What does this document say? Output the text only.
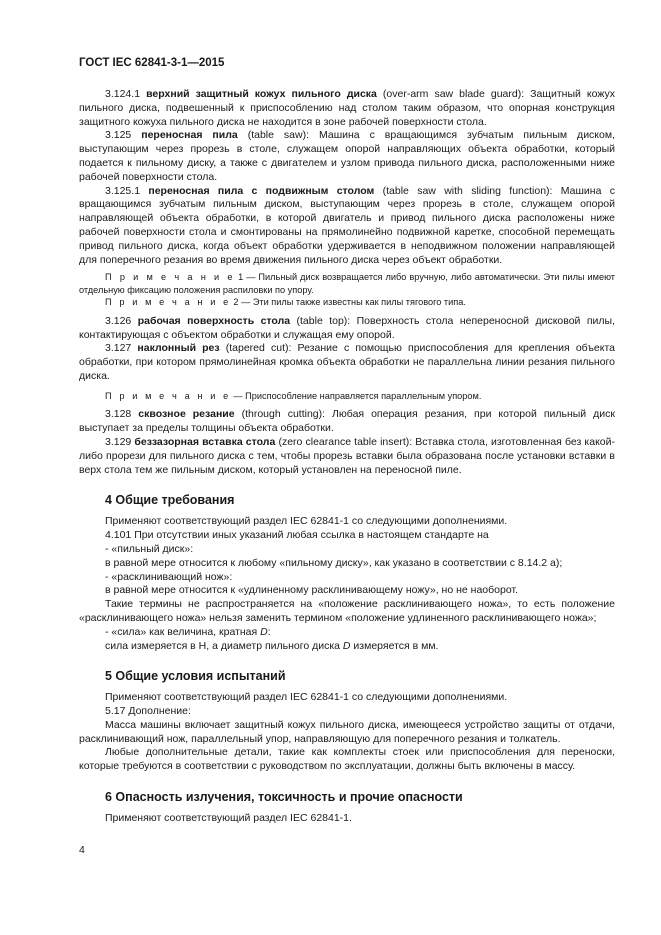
ГОСТ IEC 62841-3-1—2015

3.124.1 верхний защитный кожух пильного диска (over-arm saw blade guard): Защитный кожух пильного диска, подвешенный к приспособлению над столом таким образом, что опорная конструкция защитного кожуха пильного диска не находится в зоне рабочей поверхности стола.

3.125 переносная пила (table saw): Машина с вращающимся зубчатым пильным диском, выступающим через прорезь в столе, служащем опорой направляющих объекта обработки, который подается к пильному диску, а также с двигателем и узлом привода пильного диска, расположенными ниже рабочей поверхности стола.

3.125.1 переносная пила с подвижным столом (table saw with sliding function): Машина с вращающимся зубчатым пильным диском, выступающим через прорезь в столе, служащем опорой направляющей объекта обработки, в которой двигатель и привод пильного диска расположены ниже рабочей поверхности стола и смонтированы на прямолинейно подвижной каретке, способной перемещать привод пильного диска, когда объект обработки удерживается в неподвижном положении направляющей для поперечного резания во время движения пильного диска через объект обработки.

П р и м е ч а н и е 1 — Пильный диск возвращается либо вручную, либо автоматически. Эти пилы имеют отдельную фиксацию положения распиловки по упору.

П р и м е ч а н и е 2 — Эти пилы также известны как пилы тягового типа.

3.126 рабочая поверхность стола (table top): Поверхность стола непереносной дисковой пилы, контактирующая с объектом обработки и служащая ему опорой.

3.127 наклонный рез (tapered cut): Резание с помощью приспособления для крепления объекта обработки, при котором прямолинейная кромка объекта обработки не параллельна линии резания пильного диска.

П р и м е ч а н и е — Приспособление направляется параллельным упором.

3.128 сквозное резание (through cutting): Любая операция резания, при которой пильный диск выступает за пределы толщины объекта обработки.

3.129 беззазорная вставка стола (zero clearance table insert): Вставка стола, изготовленная без какой-либо прорези для пильного диска с тем, чтобы прорезь вставки была образована после установки вставки в верх стола тем же пильным диском, который установлен на переносной пиле.

4 Общие требования

Применяют соответствующий раздел IEC 62841-1 со следующими дополнениями.

4.101 При отсутствии иных указаний любая ссылка в настоящем стандарте на

- «пильный диск»:

в равной мере относится к любому «пильному диску», как указано в соответствии с 8.14.2 a);

- «расклинивающий нож»:

в равной мере относится к «удлиненному расклинивающему ножу», но не наоборот.

Такие термины не распространяется на «положение расклинивающего ножа», то есть положение «расклинивающего ножа» нельзя заменить термином «положение удлиненного расклинивающего ножа»;

- «сила» как величина, кратная D:

сила измеряется в Н, а диаметр пильного диска D измеряется в мм.

5 Общие условия испытаний

Применяют соответствующий раздел IEC 62841-1 со следующими дополнениями.

5.17 Дополнение:

Масса машины включает защитный кожух пильного диска, имеющееся устройство защиты от отдачи, расклинивающий нож, параллельный упор, направляющую для поперечного резания и толкатель.

Любые дополнительные детали, такие как комплекты стоек или приспособления для переноски, которые требуются в соответствии с руководством по эксплуатации, должны быть включены в массу.

6 Опасность излучения, токсичность и прочие опасности

Применяют соответствующий раздел IEC 62841-1.

4
